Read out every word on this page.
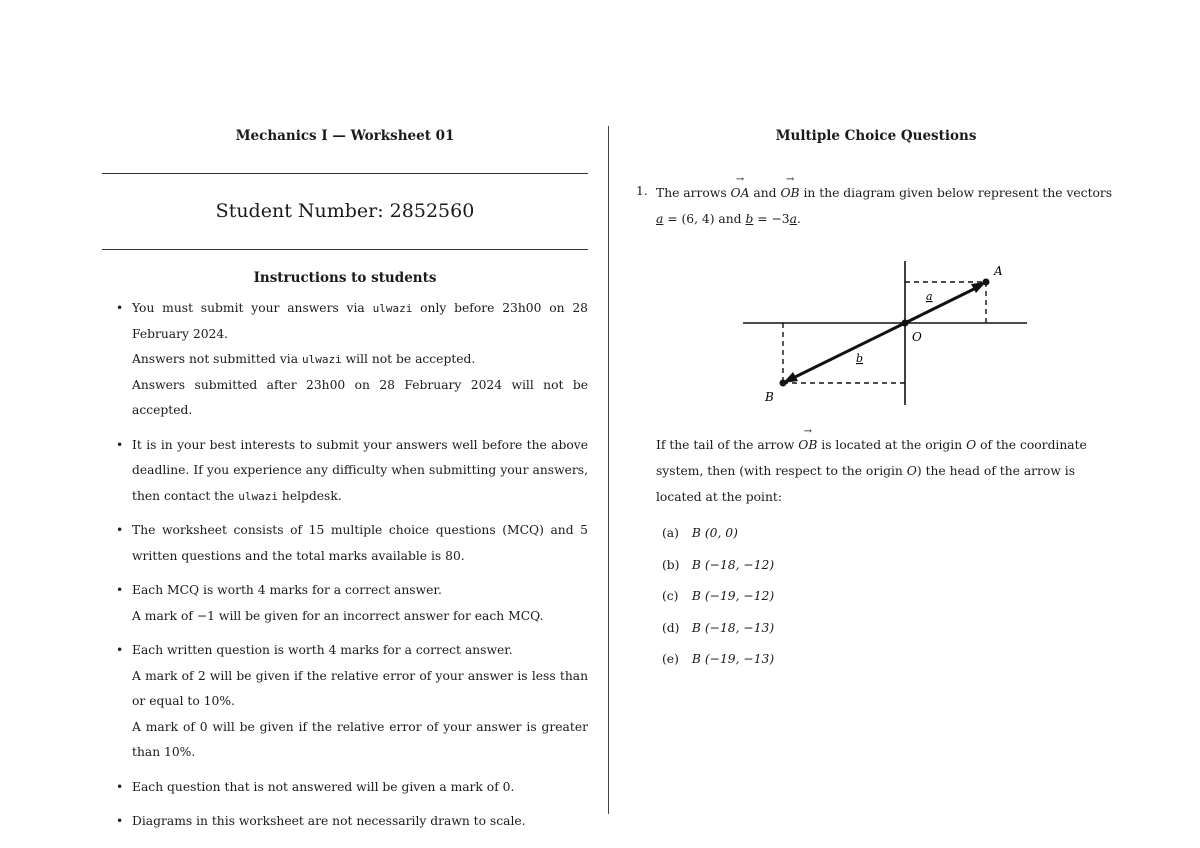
Mechanics I — Worksheet 01
Student Number: 2852560
Instructions to students
• You must submit your answers via ulwazi only before 23h00 on 28 February 2024.

Answers not submitted via ulwazi will not be accepted.

Answers submitted after 23h00 on 28 February 2024 will not be accepted.

• It is in your best interests to submit your answers well before the above deadline. If you experience any difficulty when submitting your answers, then contact the ulwazi helpdesk.

• The worksheet consists of 15 multiple choice questions (MCQ) and 5 written questions and the total marks available is 80.

• Each MCQ is worth 4 marks for a correct answer.

A mark of −1 will be given for an incorrect answer for each MCQ.

• Each written question is worth 4 marks for a correct answer.

A mark of 2 will be given if the relative error of your answer is less than or equal to 10%.

A mark of 0 will be given if the relative error of your answer is greater than 10%.

• Each question that is not answered will be given a mark of 0.

• Diagrams in this worksheet are not necessarily drawn to scale.

Multiple Choice Questions
1. The arrows OA → and OB → in the diagram given below represent the vectors
a = (6, 4) and b = −3a.
If the tail of the arrow OB → is located at the origin O of the coordinate system, then (with respect to the origin O) the head of the arrow is located at the point:
(a) B (0, 0)
(b) B (−18, −12)
(c) B (−19, −12)
(d) B (−18, −13)
(e) B (−19, −13)
A
B
O
a
b
